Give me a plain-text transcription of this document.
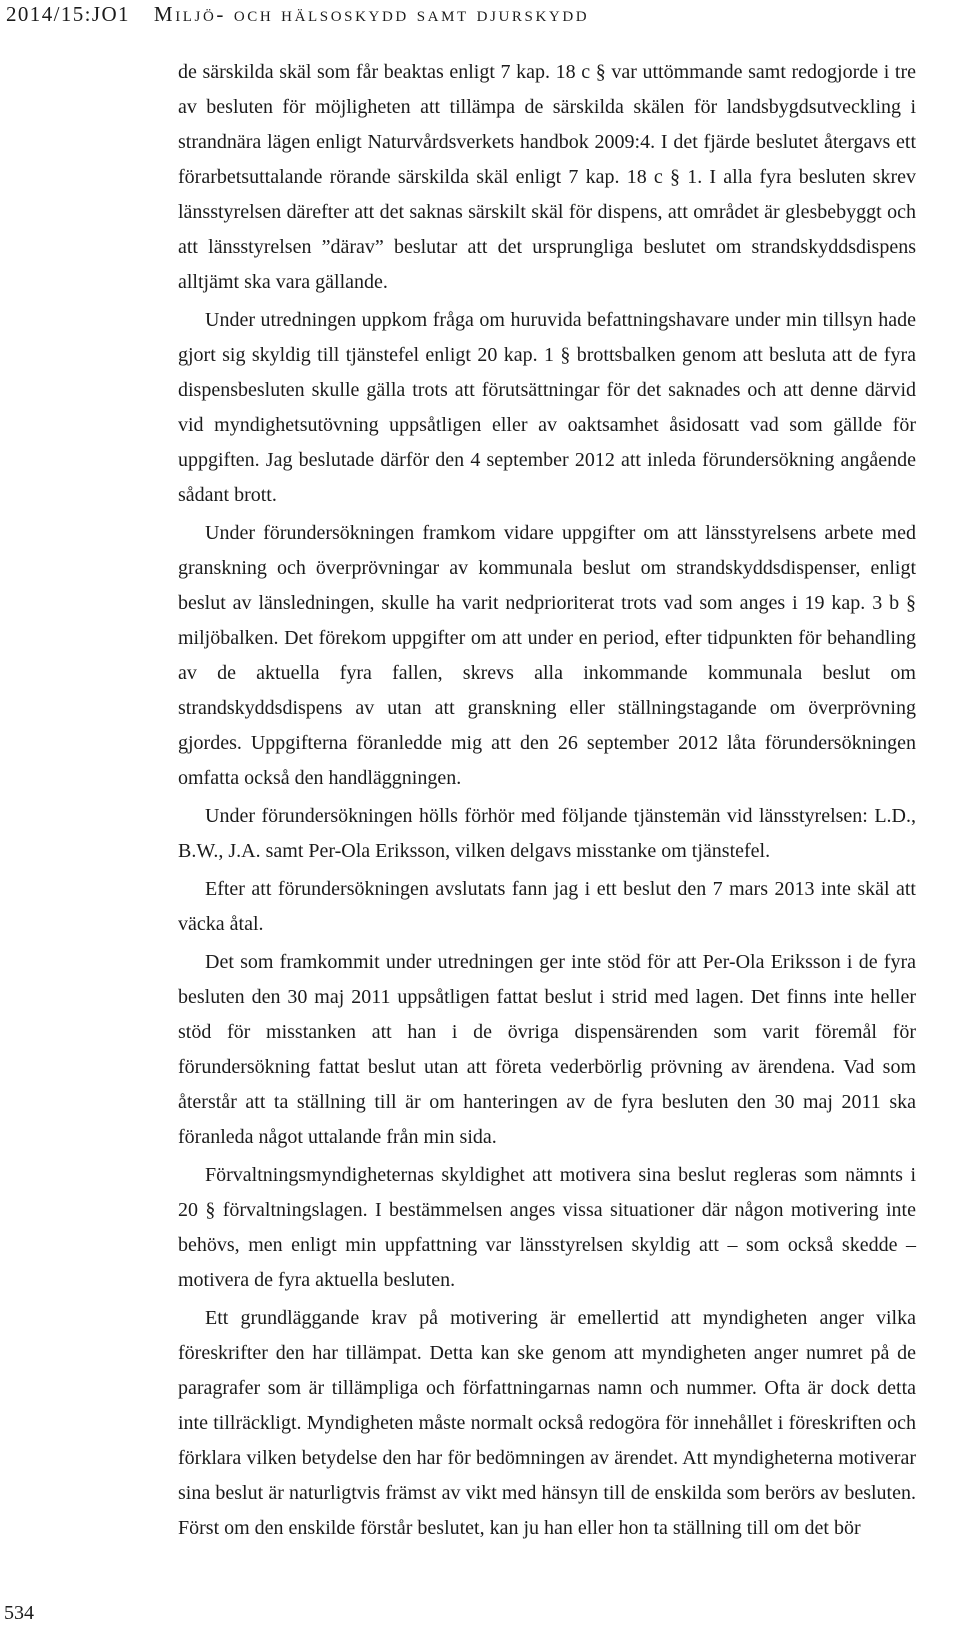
2014/15:JO1 Miljö- och hälsoskydd samt djurskydd

de särskilda skäl som får beaktas enligt 7 kap. 18 c § var uttömmande samt redogjorde i tre av besluten för möjligheten att tillämpa de särskilda skälen för landsbygdsutveckling i strandnära lägen enligt Naturvårdsverkets handbok 2009:4. I det fjärde beslutet återgavs ett förarbetsuttalande rörande särskilda skäl enligt 7 kap. 18 c § 1. I alla fyra besluten skrev länsstyrelsen därefter att det saknas särskilt skäl för dispens, att området är glesbebyggt och att länsstyrelsen ”därav” beslutar att det ursprungliga beslutet om strandskyddsdispens alltjämt ska vara gällande.

Under utredningen uppkom fråga om huruvida befattningshavare under min tillsyn hade gjort sig skyldig till tjänstefel enligt 20 kap. 1 § brottsbalken genom att besluta att de fyra dispensbesluten skulle gälla trots att förutsättningar för det saknades och att denne därvid vid myndighetsutövning uppsåtligen eller av oaktsamhet åsidosatt vad som gällde för uppgiften. Jag beslutade därför den 4 september 2012 att inleda förundersökning angående sådant brott.

Under förundersökningen framkom vidare uppgifter om att länsstyrelsens arbete med granskning och överprövningar av kommunala beslut om strandskyddsdispenser, enligt beslut av länsledningen, skulle ha varit nedprioriterat trots vad som anges i 19 kap. 3 b § miljöbalken. Det förekom uppgifter om att under en period, efter tidpunkten för behandling av de aktuella fyra fallen, skrevs alla inkommande kommunala beslut om strandskyddsdispens av utan att granskning eller ställningstagande om överprövning gjordes. Uppgifterna föranledde mig att den 26 september 2012 låta förundersökningen omfatta också den handläggningen.

Under förundersökningen hölls förhör med följande tjänstemän vid länsstyrelsen: L.D., B.W., J.A. samt Per-Ola Eriksson, vilken delgavs misstanke om tjänstefel.

Efter att förundersökningen avslutats fann jag i ett beslut den 7 mars 2013 inte skäl att väcka åtal.

Det som framkommit under utredningen ger inte stöd för att Per-Ola Eriksson i de fyra besluten den 30 maj 2011 uppsåtligen fattat beslut i strid med lagen. Det finns inte heller stöd för misstanken att han i de övriga dispensärenden som varit föremål för förundersökning fattat beslut utan att företa vederbörlig prövning av ärendena. Vad som återstår att ta ställning till är om hanteringen av de fyra besluten den 30 maj 2011 ska föranleda något uttalande från min sida.

Förvaltningsmyndigheternas skyldighet att motivera sina beslut regleras som nämnts i 20 § förvaltningslagen. I bestämmelsen anges vissa situationer där någon motivering inte behövs, men enligt min uppfattning var länsstyrelsen skyldig att – som också skedde – motivera de fyra aktuella besluten.

Ett grundläggande krav på motivering är emellertid att myndigheten anger vilka föreskrifter den har tillämpat. Detta kan ske genom att myndigheten anger numret på de paragrafer som är tillämpliga och författningarnas namn och nummer. Ofta är dock detta inte tillräckligt. Myndigheten måste normalt också redogöra för innehållet i föreskriften och förklara vilken betydelse den har för bedömningen av ärendet. Att myndigheterna motiverar sina beslut är naturligtvis främst av vikt med hänsyn till de enskilda som berörs av besluten. Först om den enskilde förstår beslutet, kan ju han eller hon ta ställning till om det bör

534
